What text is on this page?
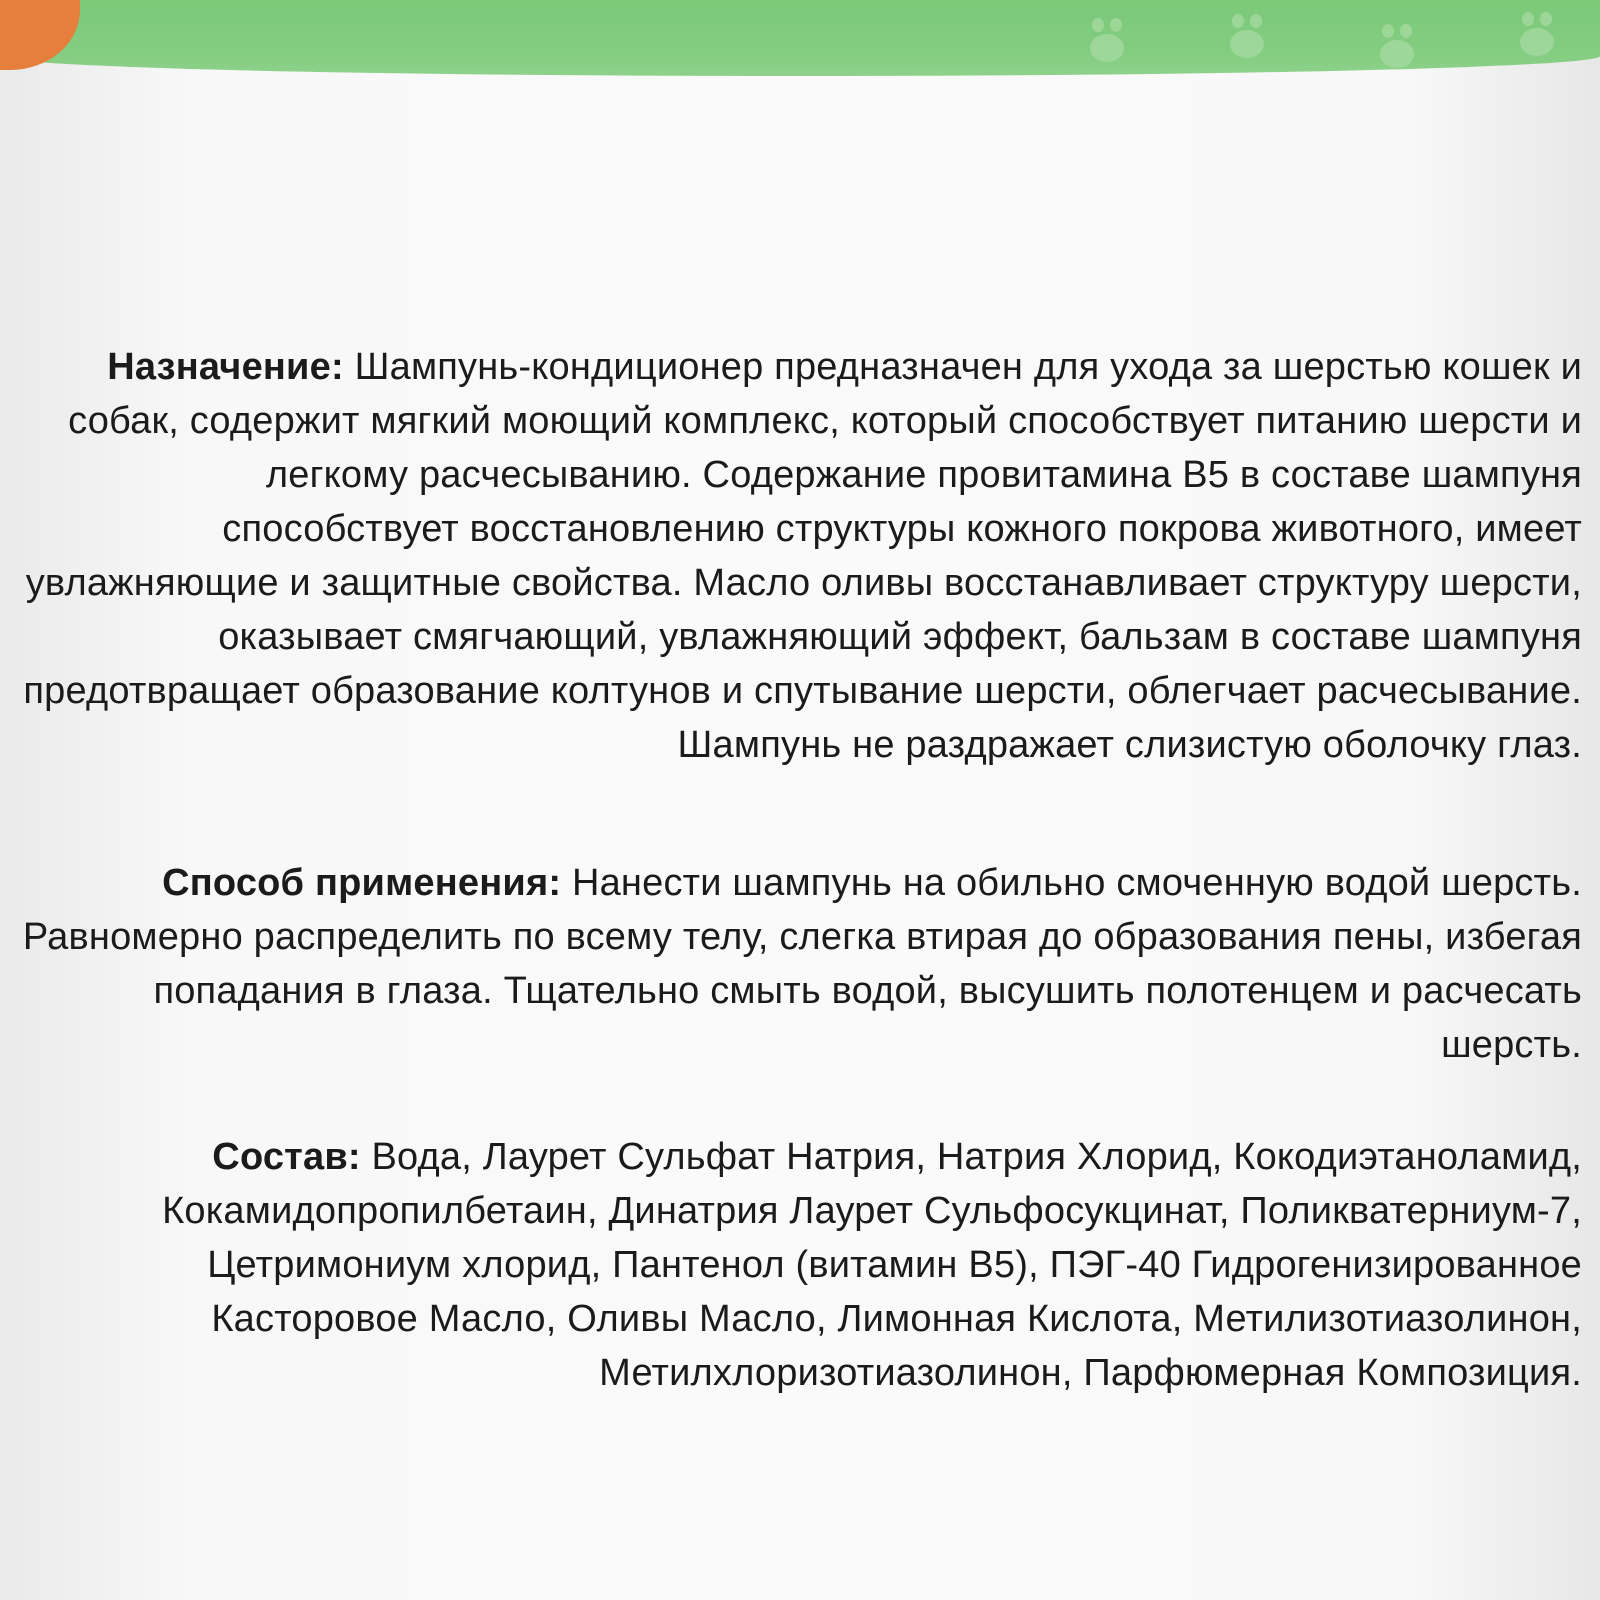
Назначение: Шампунь-кондиционер предназначен для ухода за шерстью кошек и собак, содержит мягкий моющий комплекс, который способствует питанию шерсти и легкому расчесыванию. Содержание провитамина B5 в составе шампуня способствует восстановлению структуры кожного покрова животного, имеет увлажняющие и защитные свойства. Масло оливы восстанавливает структуру шерсти, оказывает смягчающий, увлажняющий эффект, бальзам в составе шампуня предотвращает образование колтунов и спутывание шерсти, облегчает расчесывание. Шампунь не раздражает слизистую оболочку глаз.
Способ применения: Нанести шампунь на обильно смоченную водой шерсть. Равномерно распределить по всему телу, слегка втирая до образования пены, избегая попадания в глаза. Тщательно смыть водой, высушить полотенцем и расчесать шерсть.
Состав: Вода, Лаурет Сульфат Натрия, Натрия Хлорид, Кокодиэтаноламид, Кокамидопропилбетаин, Динатрия Лаурет Сульфосукцинат, Поликватерниум-7, Цетримониум хлорид, Пантенол (витамин B5), ПЭГ-40 Гидрогенизированное Касторовое Масло, Оливы Масло, Лимонная Кислота, Метилизотиазолинон, Метилхлоризотиазолинон, Парфюмерная Композиция.
